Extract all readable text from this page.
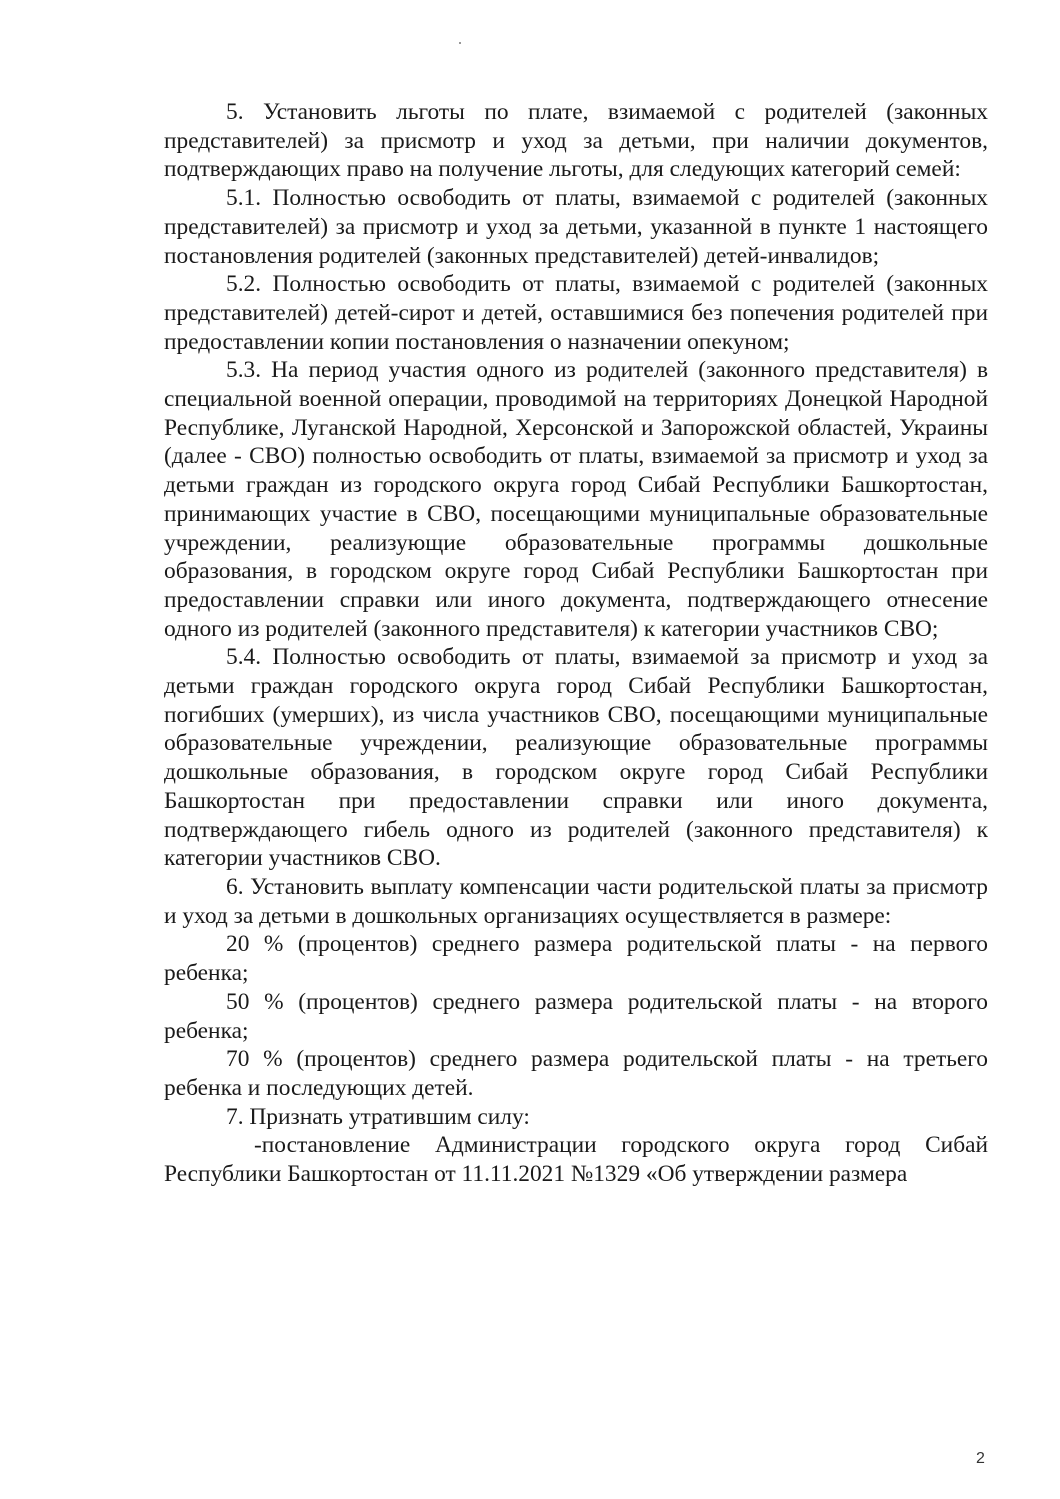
5. Установить льготы по плате, взимаемой с родителей (законных представителей) за присмотр и уход за детьми, при наличии документов, подтверждающих право на получение льготы, для следующих категорий семей:

5.1. Полностью освободить от платы, взимаемой с родителей (законных представителей) за присмотр и уход за детьми, указанной в пункте 1 настоящего постановления родителей (законных представителей) детей-инвалидов;

5.2. Полностью освободить от платы, взимаемой с родителей (законных представителей) детей-сирот и детей, оставшимися без попечения родителей при предоставлении копии постановления о назначении опекуном;

5.3. На период участия одного из родителей (законного представителя) в специальной военной операции, проводимой на территориях Донецкой Народной Республике, Луганской Народной, Херсонской и Запорожской областей, Украины (далее - СВО) полностью освободить от платы, взимаемой за присмотр и уход за детьми граждан из городского округа город Сибай Республики Башкортостан, принимающих участие в СВО, посещающими муниципальные образовательные учреждении, реализующие образовательные программы дошкольные образования, в городском округе город Сибай Республики Башкортостан при предоставлении справки или иного документа, подтверждающего отнесение одного из родителей (законного представителя) к категории участников СВО;

5.4. Полностью освободить от платы, взимаемой за присмотр и уход за детьми граждан городского округа город Сибай Республики Башкортостан, погибших (умерших), из числа участников СВО, посещающими муниципальные образовательные учреждении, реализующие образовательные программы дошкольные образования, в городском округе город Сибай Республики Башкортостан при предоставлении справки или иного документа, подтверждающего гибель одного из родителей (законного представителя) к категории участников СВО.

6. Установить выплату компенсации части родительской платы за присмотр и уход за детьми в дошкольных организациях осуществляется в размере:

20 % (процентов) среднего размера родительской платы - на первого ребенка;

50 % (процентов) среднего размера родительской платы - на второго ребенка;

70 % (процентов) среднего размера родительской платы - на третьего ребенка и последующих детей.

7. Признать утратившим силу:

-постановление Администрации городского округа город Сибай Республики Башкортостан от 11.11.2021 №1329 «Об утверждении размера

2
